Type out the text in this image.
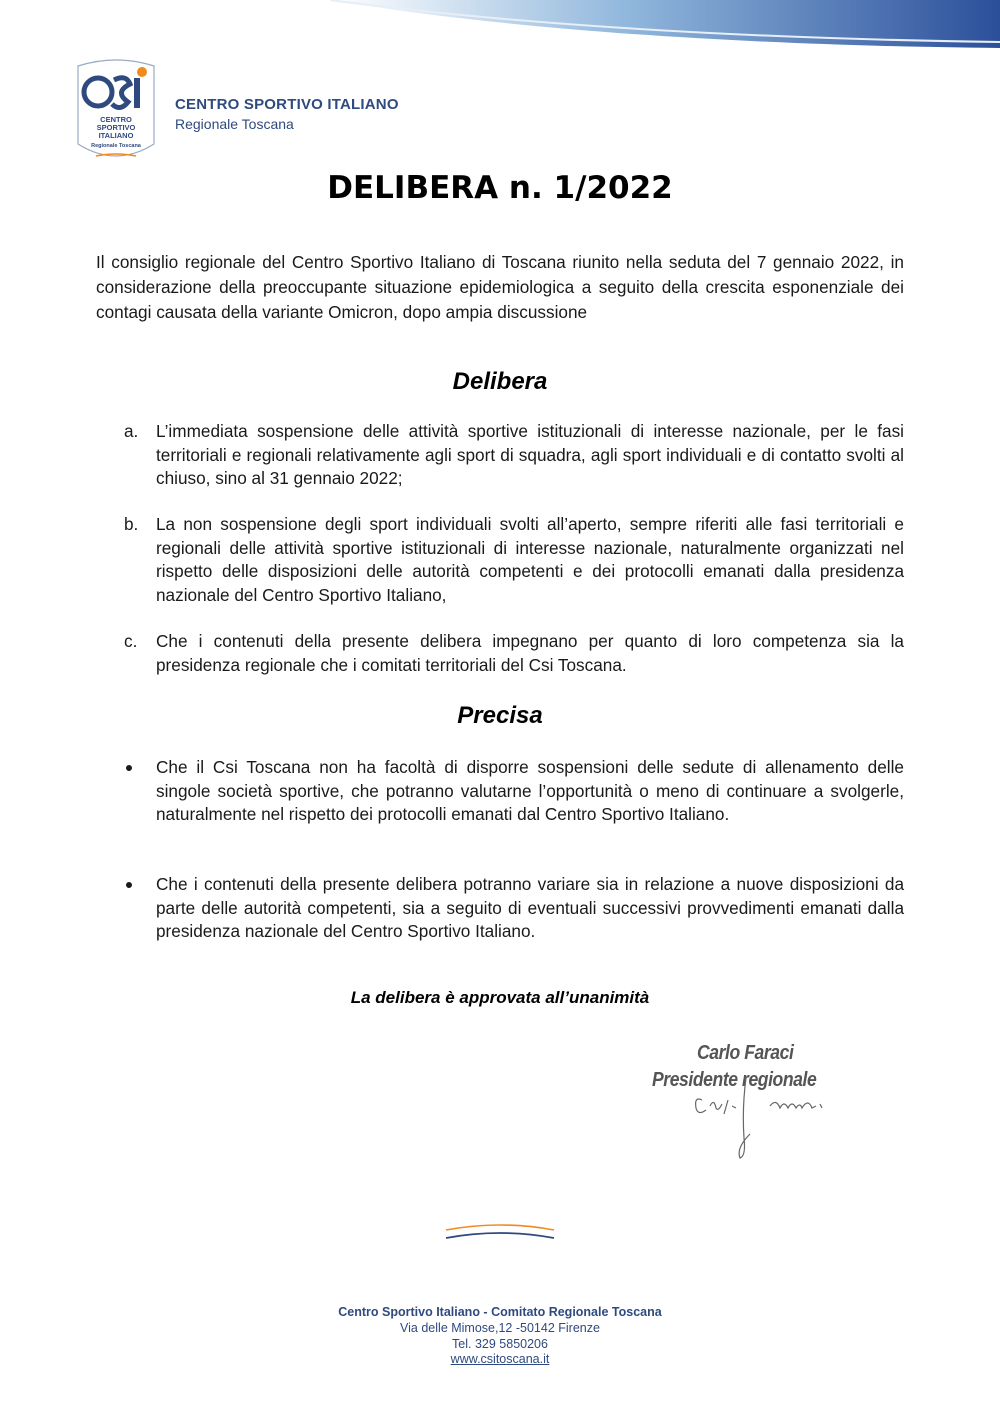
CENTRO
SPORTIVO
ITALIANO
Regionale Toscana
CENTRO SPORTIVO ITALIANO
Regionale Toscana
DELIBERA n. 1/2022
Il consiglio regionale del Centro Sportivo Italiano di Toscana riunito nella seduta del 7 gennaio 2022, in considerazione della preoccupante situazione epidemiologica a seguito della crescita esponenziale dei contagi causata della variante Omicron, dopo ampia discussione
Delibera
a. L’immediata sospensione delle attività sportive istituzionali di interesse nazionale, per le fasi territoriali e regionali relativamente agli sport di squadra, agli sport individuali e di contatto svolti al chiuso, sino al 31 gennaio 2022;
b. La non sospensione degli sport individuali svolti all’aperto, sempre riferiti alle fasi territoriali e regionali delle attività sportive istituzionali di interesse nazionale, naturalmente organizzati nel rispetto delle disposizioni delle autorità competenti e dei protocolli emanati dalla presidenza nazionale del Centro Sportivo Italiano,
c. Che i contenuti della presente delibera impegnano per quanto di loro competenza sia la presidenza regionale che i comitati territoriali del Csi Toscana.
Precisa
Che il Csi Toscana non ha facoltà di disporre sospensioni delle sedute di allenamento delle singole società sportive, che potranno valutarne l’opportunità o meno di continuare a svolgerle, naturalmente nel rispetto dei protocolli emanati dal Centro Sportivo Italiano.
Che i contenuti della presente delibera potranno variare sia in relazione a nuove disposizioni da parte delle autorità competenti, sia a seguito di eventuali successivi provvedimenti emanati dalla presidenza nazionale del Centro Sportivo Italiano.
La delibera è approvata all’unanimità
Carlo Faraci
Presidente regionale
Centro Sportivo Italiano - Comitato Regionale Toscana
Via delle Mimose,12 -50142 Firenze
Tel. 329 5850206
www.csitoscana.it
